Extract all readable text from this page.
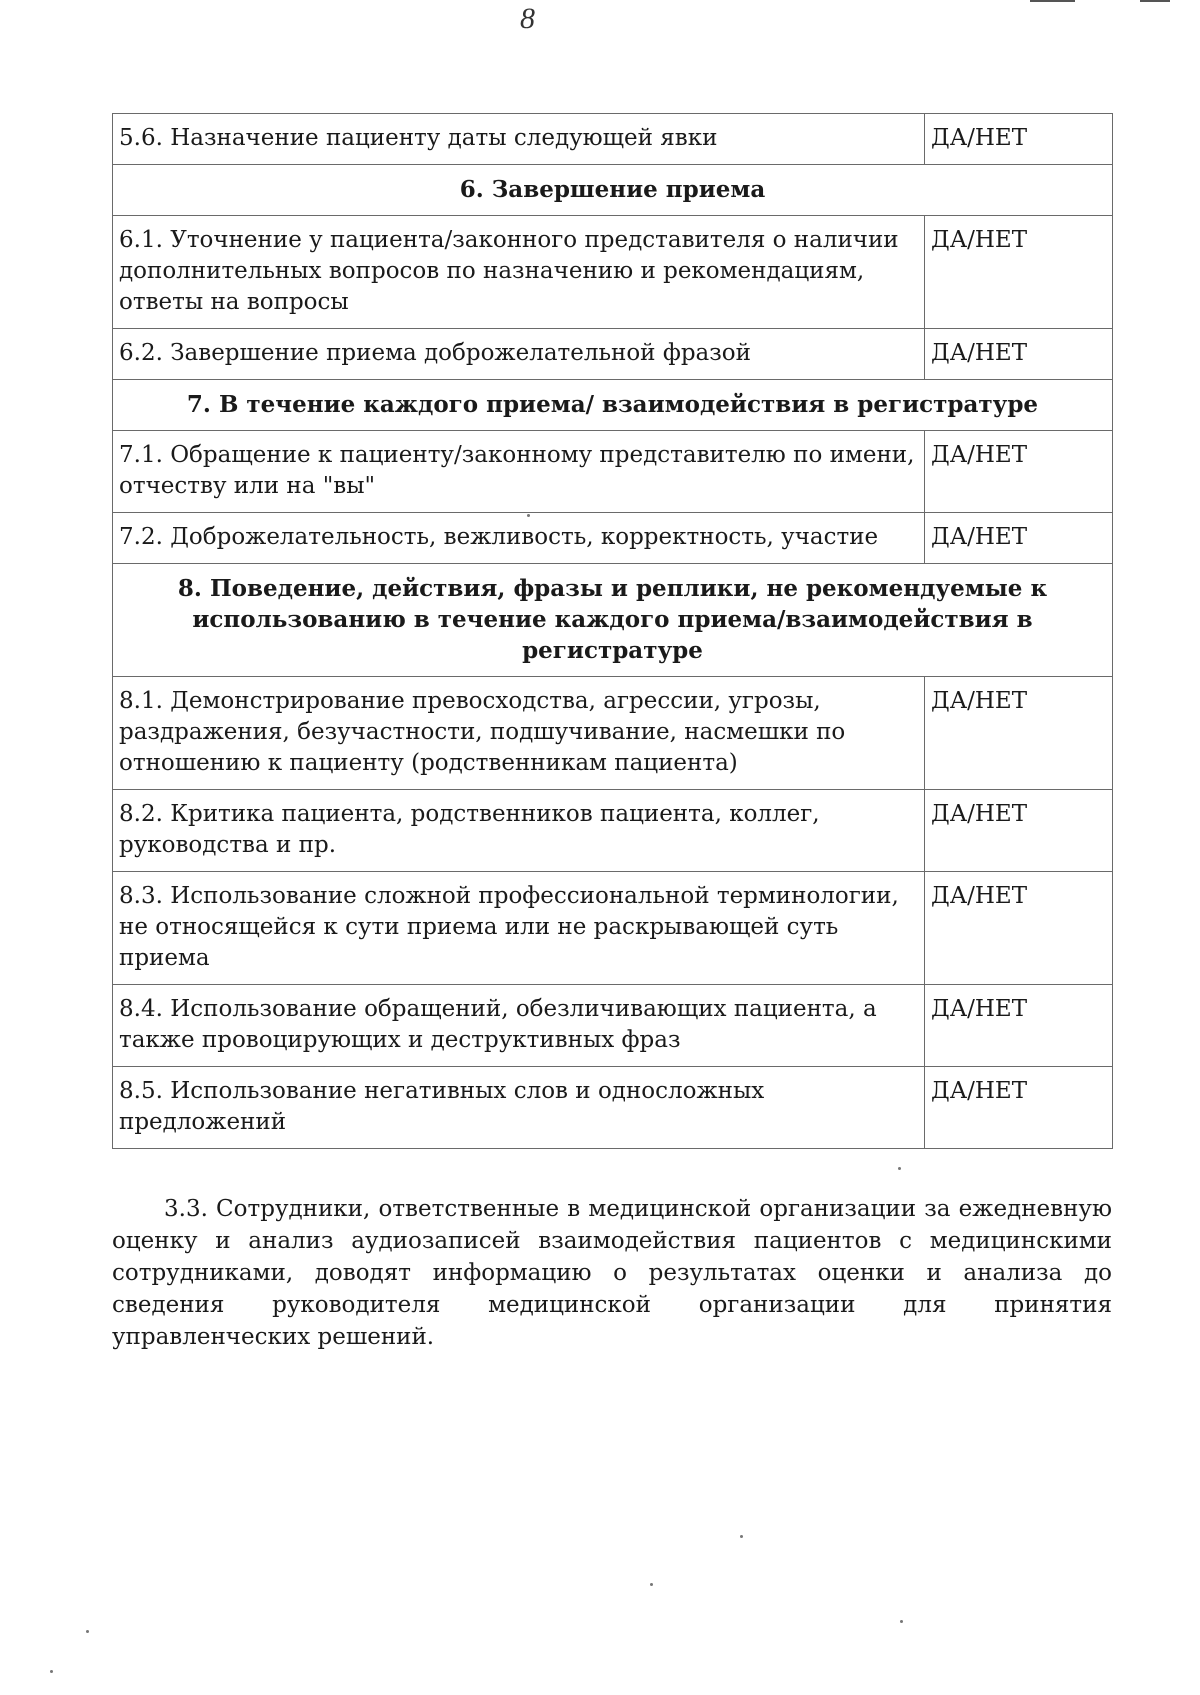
8
5.6. Назначение пациенту даты следующей явки	ДА/НЕТ
6. Завершение приема	
6.1. Уточнение у пациента/законного представителя о наличии дополнительных вопросов по назначению и рекомендациям, ответы на вопросы	ДА/НЕТ
6.2. Завершение приема доброжелательной фразой	ДА/НЕТ
7. В течение каждого приема/ взаимодействия в регистратуре	
7.1. Обращение к пациенту/законному представителю по имени, отчеству или на "вы"	ДА/НЕТ
7.2. Доброжелательность, вежливость, корректность, участие	ДА/НЕТ
8. Поведение, действия, фразы и реплики, не рекомендуемые к использованию в течение каждого приема/взаимодействия в регистратуре	
8.1. Демонстрирование превосходства, агрессии, угрозы, раздражения, безучастности, подшучивание, насмешки по отношению к пациенту (родственникам пациента)	ДА/НЕТ
8.2. Критика пациента, родственников пациента, коллег, руководства и пр.	ДА/НЕТ
8.3. Использование сложной профессиональной терминологии, не относящейся к сути приема или не раскрывающей суть приема	ДА/НЕТ
8.4. Использование обращений, обезличивающих пациента, а также провоцирующих и деструктивных фраз	ДА/НЕТ
8.5. Использование негативных слов и односложных предложений	ДА/НЕТ

3.3. Сотрудники, ответственные в медицинской организации за ежедневную оценку и анализ аудиозаписей взаимодействия пациентов с медицинскими сотрудниками, доводят информацию о результатах оценки и анализа до сведения руководителя медицинской организации для принятия управленческих решений.
